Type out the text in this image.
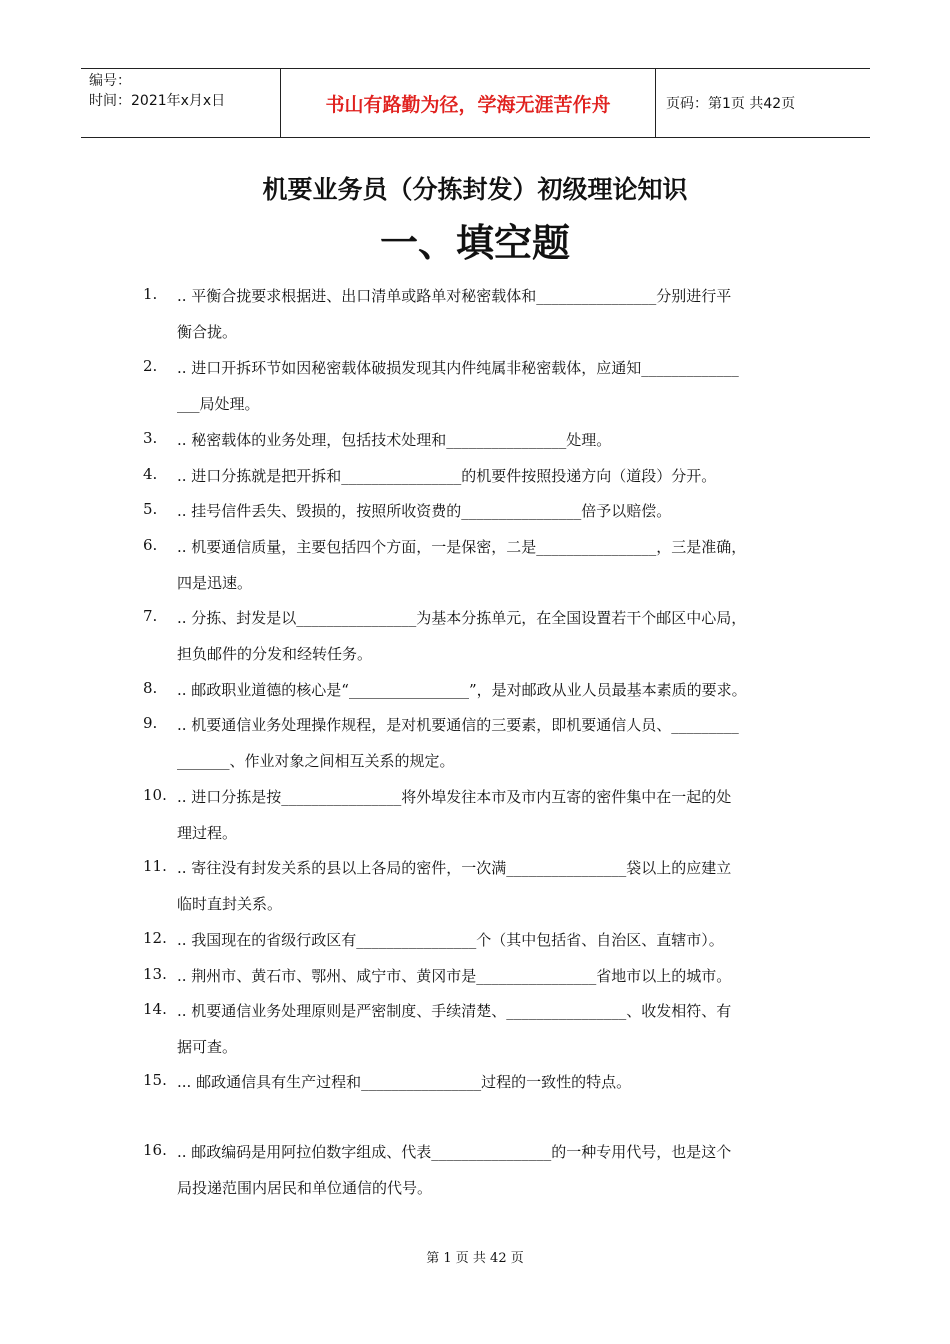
编号：
时间：2021年x月x日	书山有路勤为径，学海无涯苦作舟	页码：第1页 共42页
机要业务员（分拣封发）初级理论知识
一、填空题
1. .. 平衡合拢要求根据进、出口清单或路单对秘密载体和________________分别进行平
衡合拢。
2. .. 进口开拆环节如因秘密载体破损发现其内件纯属非秘密载体，应通知_____________
___局处理。
3. .. 秘密载体的业务处理，包括技术处理和________________处理。
4. .. 进口分拣就是把开拆和________________的机要件按照投递方向（道段）分开。
5. .. 挂号信件丢失、毁损的，按照所收资费的________________倍予以赔偿。
6. .. 机要通信质量，主要包括四个方面，一是保密，二是________________，三是准确，
四是迅速。
7. .. 分拣、封发是以________________为基本分拣单元，在全国设置若干个邮区中心局，
担负邮件的分发和经转任务。
8. .. 邮政职业道德的核心是“________________”，是对邮政从业人员最基本素质的要求。
9. .. 机要通信业务处理操作规程，是对机要通信的三要素，即机要通信人员、_________
_______、作业对象之间相互关系的规定。
10. .. 进口分拣是按________________将外埠发往本市及市内互寄的密件集中在一起的处
理过程。
11. .. 寄往没有封发关系的县以上各局的密件，一次满________________袋以上的应建立
临时直封关系。
12. .. 我国现在的省级行政区有________________个（其中包括省、自治区、直辖市）。
13. .. 荆州市、黄石市、鄂州、咸宁市、黄冈市是________________省地市以上的城市。
14. .. 机要通信业务处理原则是严密制度、手续清楚、________________、收发相符、有
据可查。
15. ... 邮政通信具有生产过程和________________过程的一致性的特点。
16. .. 邮政编码是用阿拉伯数字组成、代表________________的一种专用代号，也是这个
局投递范围内居民和单位通信的代号。
第 1 页 共 42 页
